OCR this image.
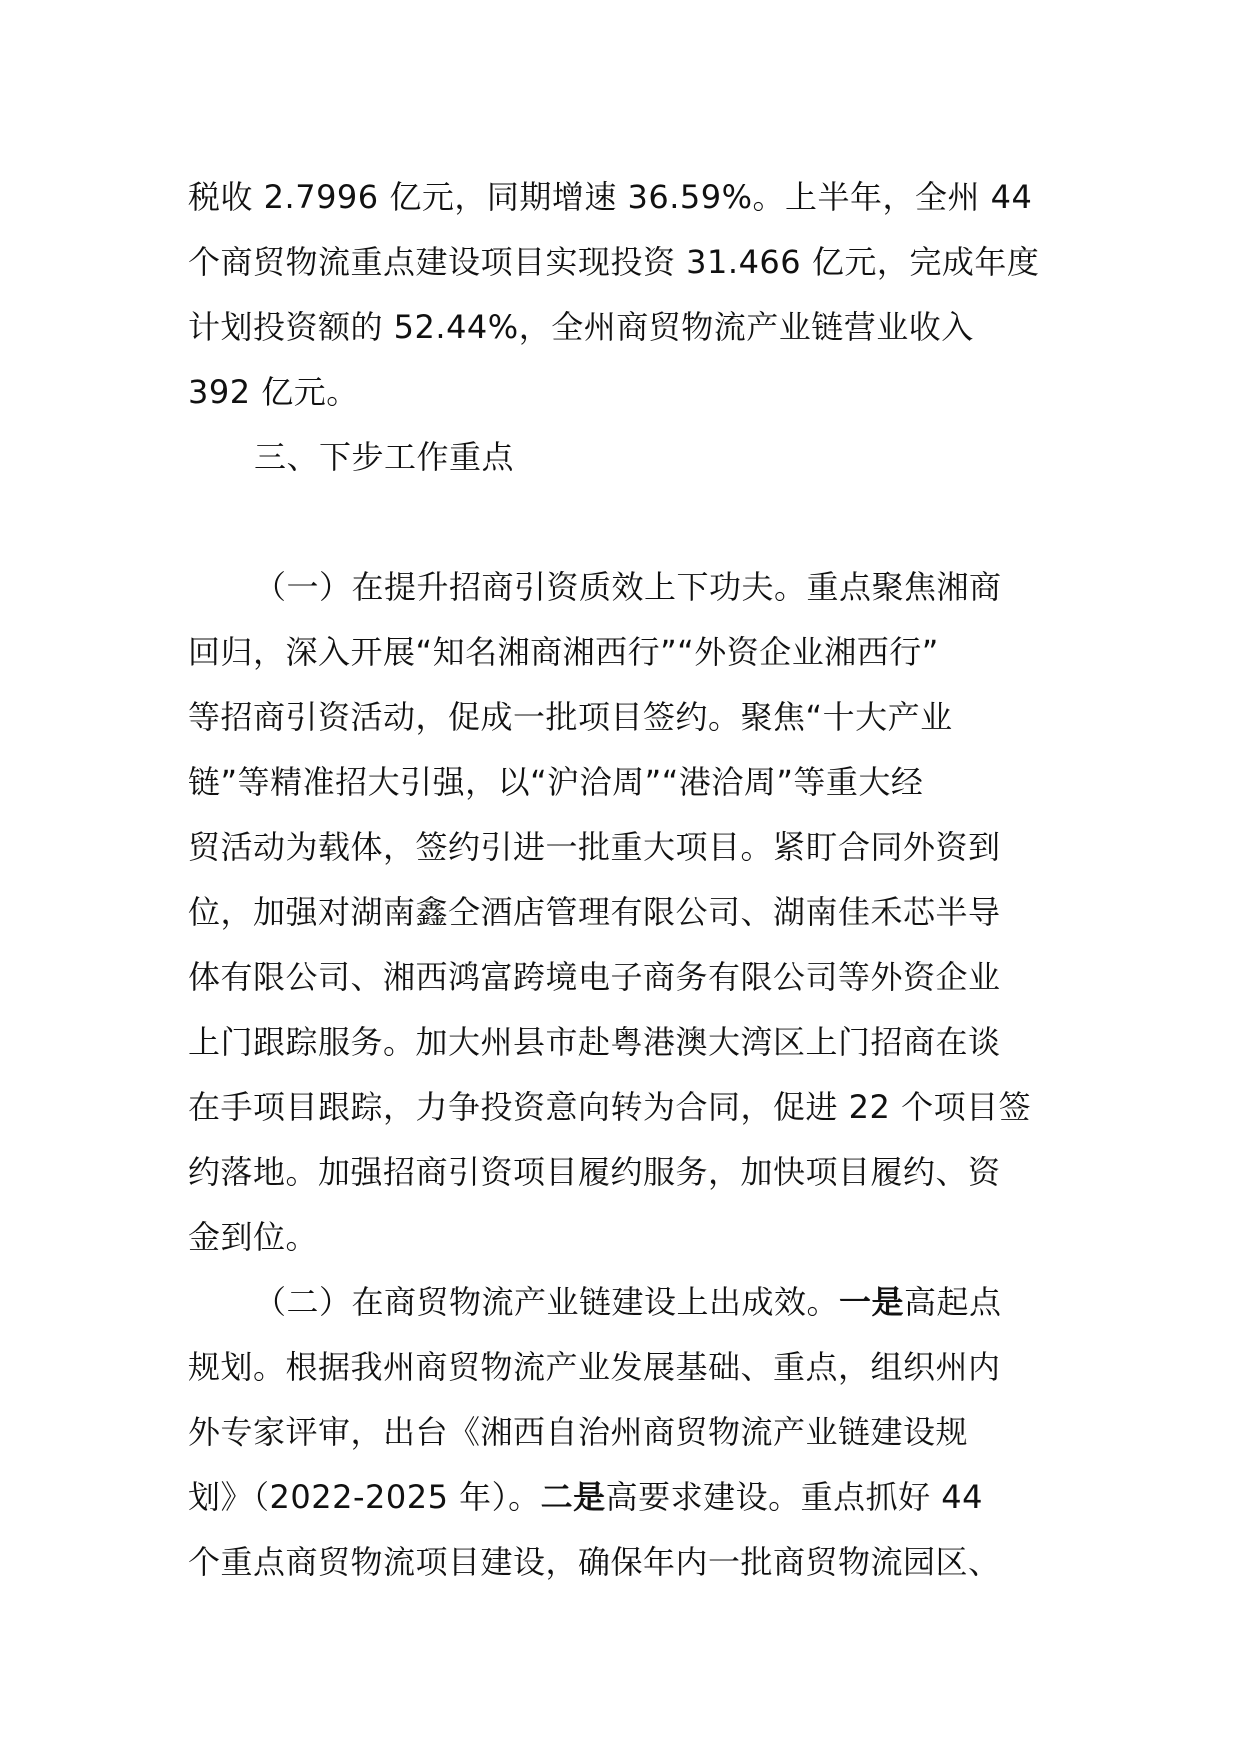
税收 2.7996 亿元，同期增速 36.59%。上半年，全州 44
个商贸物流重点建设项目实现投资 31.466 亿元，完成年度
计划投资额的 52.44%，全州商贸物流产业链营业收入
392 亿元。
三、下步工作重点
（一）在提升招商引资质效上下功夫。重点聚焦湘商
回归，深入开展“知名湘商湘西行”“外资企业湘西行”
等招商引资活动，促成一批项目签约。聚焦“十大产业
链”等精准招大引强，以“沪洽周”“港洽周”等重大经
贸活动为载体，签约引进一批重大项目。紧盯合同外资到
位，加强对湖南鑫仝酒店管理有限公司、湖南佳禾芯半导
体有限公司、湘西鸿富跨境电子商务有限公司等外资企业
上门跟踪服务。加大州县市赴粤港澳大湾区上门招商在谈
在手项目跟踪，力争投资意向转为合同，促进 22 个项目签
约落地。加强招商引资项目履约服务，加快项目履约、资
金到位。
（二）在商贸物流产业链建设上出成效。一是高起点
规划。根据我州商贸物流产业发展基础、重点，组织州内
外专家评审，出台《湘西自治州商贸物流产业链建设规
划》（2022-2025 年）。二是高要求建设。重点抓好 44
个重点商贸物流项目建设，确保年内一批商贸物流园区、
